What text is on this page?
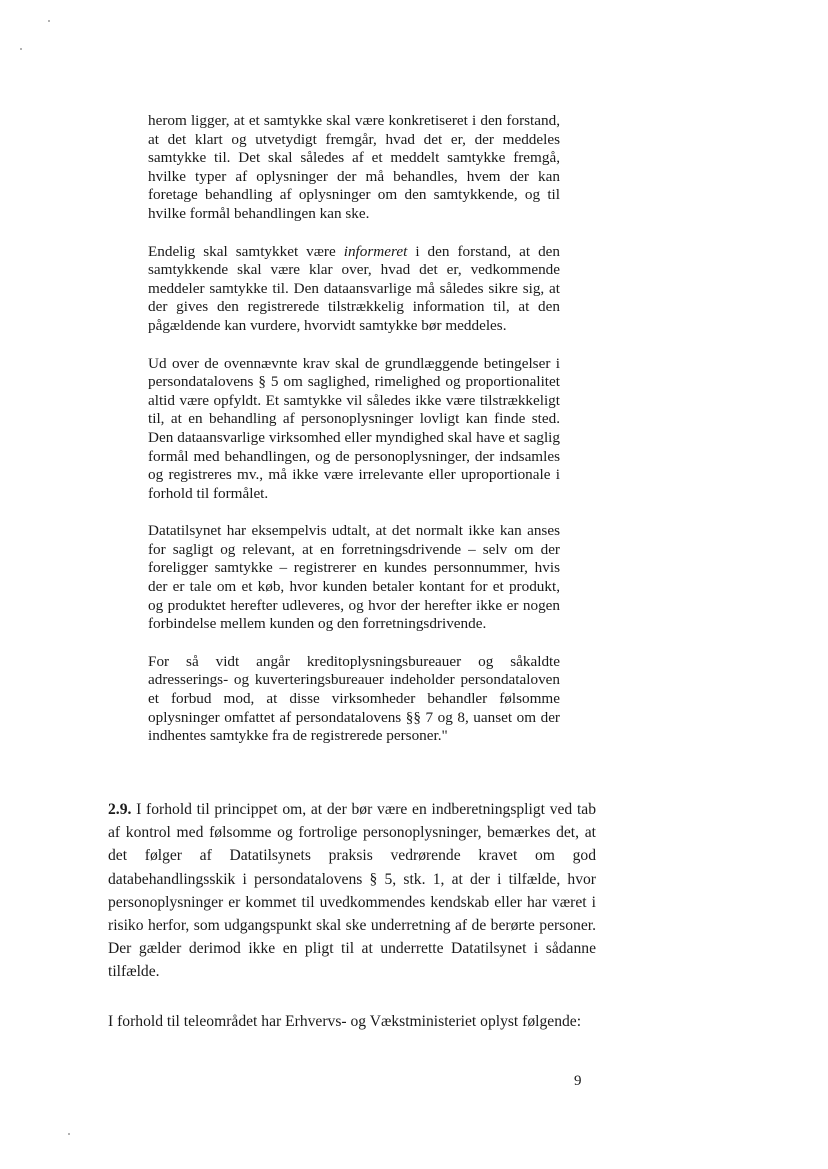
herom ligger, at et samtykke skal være konkretiseret i den forstand, at det klart og utvetydigt fremgår, hvad det er, der meddeles samtykke til. Det skal således af et meddelt samtykke fremgå, hvilke typer af oplysninger der må behandles, hvem der kan foretage behandling af oplysninger om den samtykkende, og til hvilke formål behandlingen kan ske.

Endelig skal samtykket være informeret i den forstand, at den samtykkende skal være klar over, hvad det er, vedkommende meddeler samtykke til. Den dataansvarlige må således sikre sig, at der gives den registrerede tilstrækkelig information til, at den pågældende kan vurdere, hvorvidt samtykke bør meddeles.

Ud over de ovennævnte krav skal de grundlæggende betingelser i persondatalovens § 5 om saglighed, rimelighed og proportionalitet altid være opfyldt. Et samtykke vil således ikke være tilstrækkeligt til, at en behandling af personoplysninger lovligt kan finde sted. Den dataansvarlige virksomhed eller myndighed skal have et saglig formål med behandlingen, og de personoplysninger, der indsamles og registreres mv., må ikke være irrelevante eller uproportionale i forhold til formålet.

Datatilsynet har eksempelvis udtalt, at det normalt ikke kan anses for sagligt og relevant, at en forretningsdrivende – selv om der foreligger samtykke – registrerer en kundes personnummer, hvis der er tale om et køb, hvor kunden betaler kontant for et produkt, og produktet herefter udleveres, og hvor der herefter ikke er nogen forbindelse mellem kunden og den forretningsdrivende.

For så vidt angår kreditoplysningsbureauer og såkaldte adresserings- og kuverteringsbureauer indeholder persondataloven et forbud mod, at disse virksomheder behandler følsomme oplysninger omfattet af persondatalovens §§ 7 og 8, uanset om der indhentes samtykke fra de registrerede personer."

2.9. I forhold til princippet om, at der bør være en indberetningspligt ved tab af kontrol med følsomme og fortrolige personoplysninger, bemærkes det, at det følger af Datatilsynets praksis vedrørende kravet om god databehandlingsskik i persondatalovens § 5, stk. 1, at der i tilfælde, hvor personoplysninger er kommet til uvedkommendes kendskab eller har været i risiko herfor, som udgangspunkt skal ske underretning af de berørte personer. Der gælder derimod ikke en pligt til at underrette Datatilsynet i sådanne tilfælde.

I forhold til teleområdet har Erhvervs- og Vækstministeriet oplyst følgende:

9
